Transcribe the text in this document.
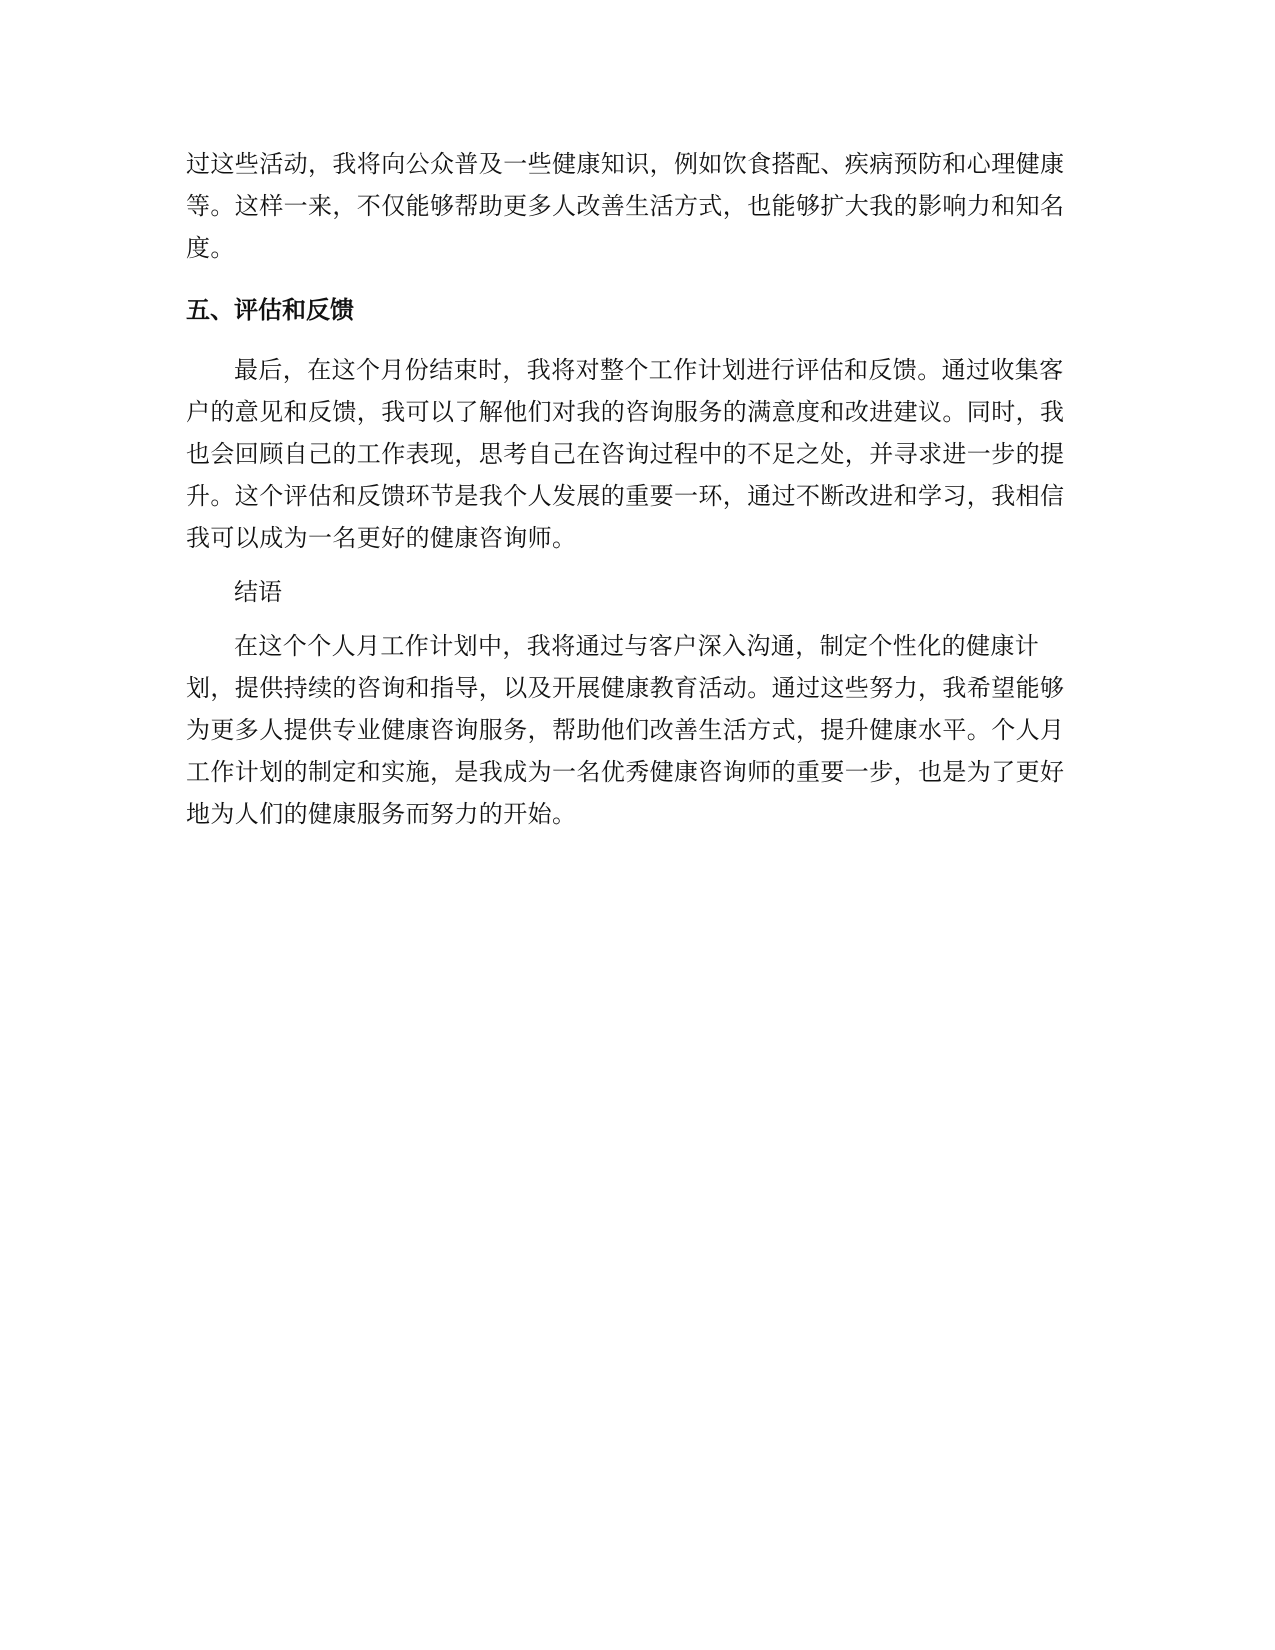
过这些活动，我将向公众普及一些健康知识，例如饮食搭配、疾病预防和心理健康
等。这样一来，不仅能够帮助更多人改善生活方式，也能够扩大我的影响力和知名
度。
五、评估和反馈
最后，在这个月份结束时，我将对整个工作计划进行评估和反馈。通过收集客
户的意见和反馈，我可以了解他们对我的咨询服务的满意度和改进建议。同时，我
也会回顾自己的工作表现，思考自己在咨询过程中的不足之处，并寻求进一步的提
升。这个评估和反馈环节是我个人发展的重要一环，通过不断改进和学习，我相信
我可以成为一名更好的健康咨询师。
结语
在这个个人月工作计划中，我将通过与客户深入沟通，制定个性化的健康计
划，提供持续的咨询和指导，以及开展健康教育活动。通过这些努力，我希望能够
为更多人提供专业健康咨询服务，帮助他们改善生活方式，提升健康水平。个人月
工作计划的制定和实施，是我成为一名优秀健康咨询师的重要一步，也是为了更好
地为人们的健康服务而努力的开始。
